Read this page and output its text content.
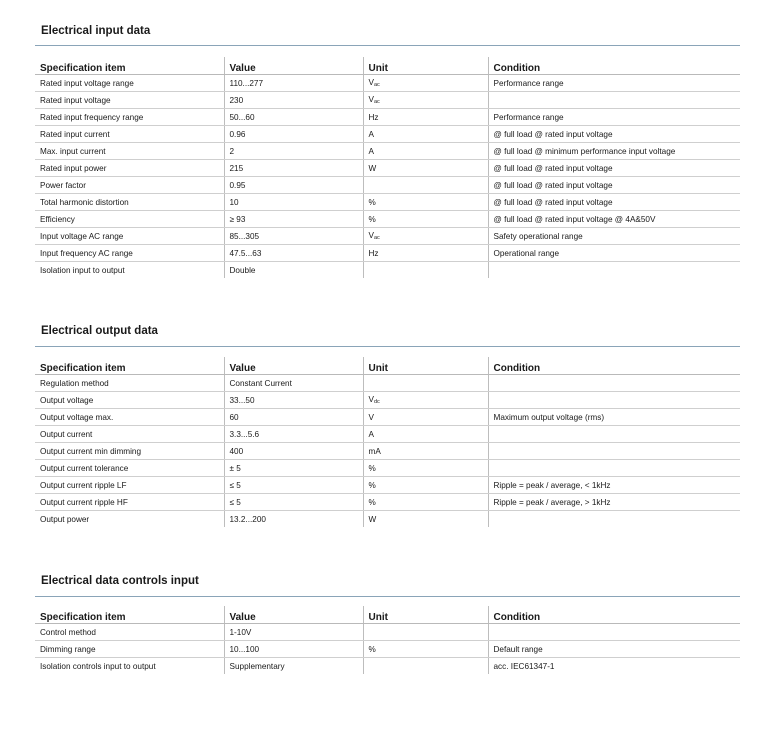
Electrical input data
Specification item	Value	Unit	Condition
Rated input voltage range	110...277	Vac	Performance range
Rated input voltage	230	Vac	
Rated input frequency range	50...60	Hz	Performance range
Rated input current	0.96	A	@ full load @ rated input voltage
Max. input current	2	A	@ full load @ minimum performance input voltage
Rated input power	215	W	@ full load @ rated input voltage
Power factor	0.95		@ full load @ rated input voltage
Total harmonic distortion	10	%	@ full load @ rated input voltage
Efficiency	≥ 93	%	@ full load @ rated input voltage @ 4A&50V
Input voltage AC range	85...305	Vac	Safety operational range
Input frequency AC range	47.5...63	Hz	Operational range
Isolation input to output	Double		
Electrical output data
Specification item	Value	Unit	Condition
Regulation method	Constant Current		
Output voltage	33...50	Vdc	
Output voltage max.	60	V	Maximum output voltage (rms)
Output current	3.3...5.6	A	
Output current min dimming	400	mA	
Output current tolerance	± 5	%	
Output current ripple LF	≤ 5	%	Ripple = peak / average, < 1kHz
Output current ripple HF	≤ 5	%	Ripple = peak / average, > 1kHz
Output power	13.2...200	W	
Electrical data controls input
Specification item	Value	Unit	Condition
Control method	1-10V		
Dimming range	10...100	%	Default range
Isolation controls input to output	Supplementary		acc. IEC61347-1
